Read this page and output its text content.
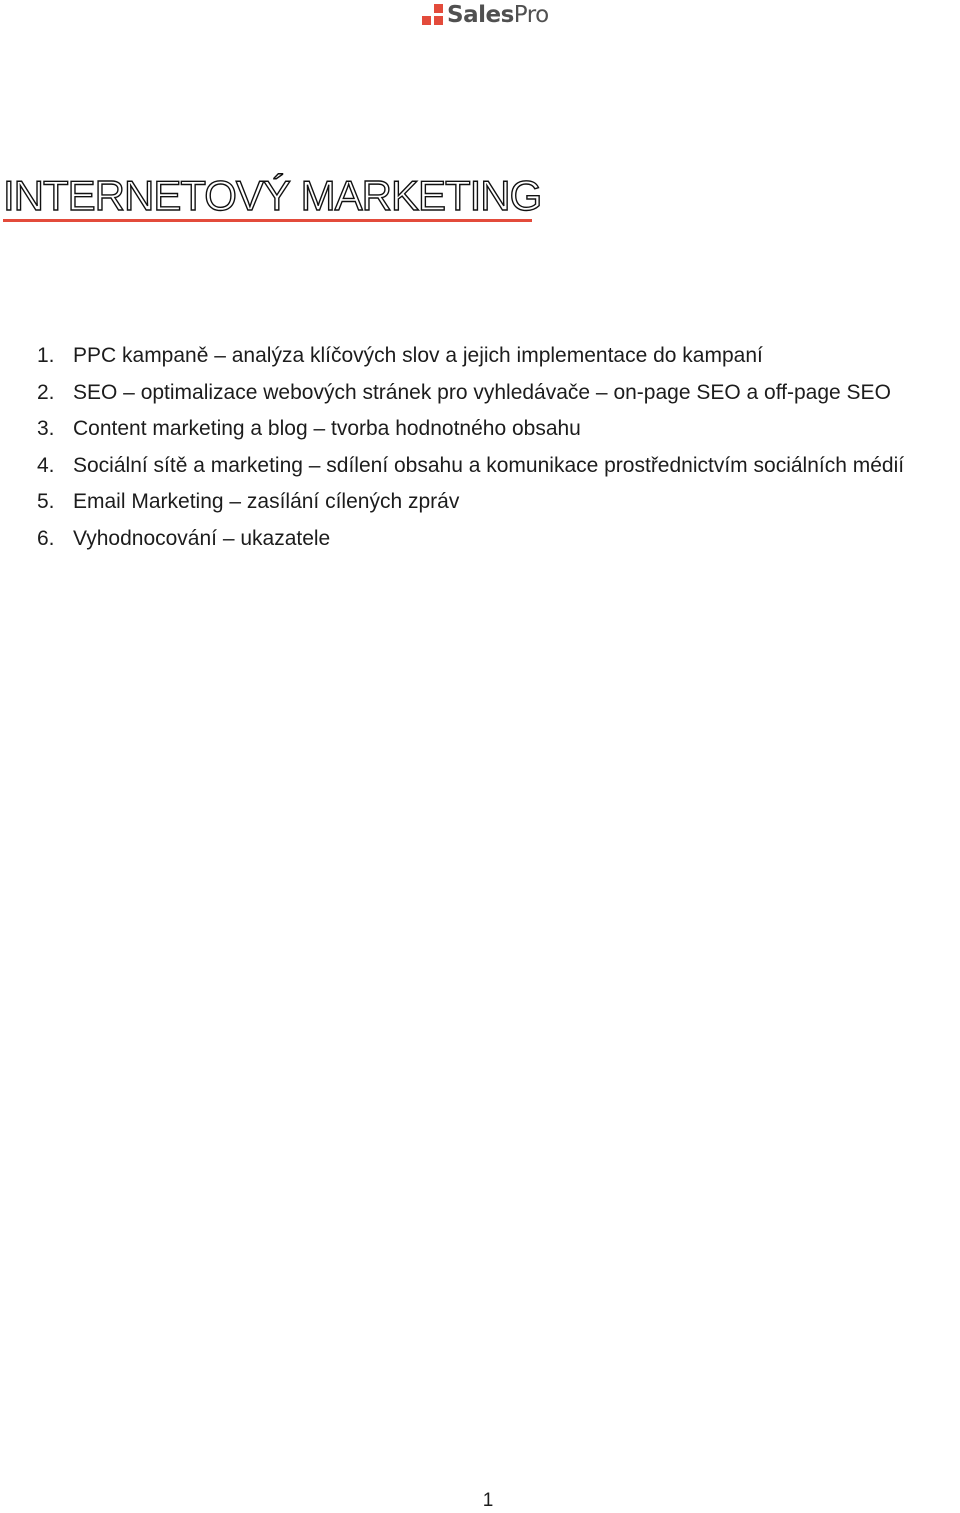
SalesPro
INTERNETOVÝ MARKETING
1. PPC kampaně – analýza klíčových slov a jejich implementace do kampaní
2. SEO – optimalizace webových stránek pro vyhledávače – on-page SEO a off-page SEO
3. Content marketing a blog – tvorba hodnotného obsahu
4. Sociální sítě a marketing – sdílení obsahu a komunikace prostřednictvím sociálních médií
5. Email Marketing – zasílání cílených zpráv
6. Vyhodnocování – ukazatele
1
